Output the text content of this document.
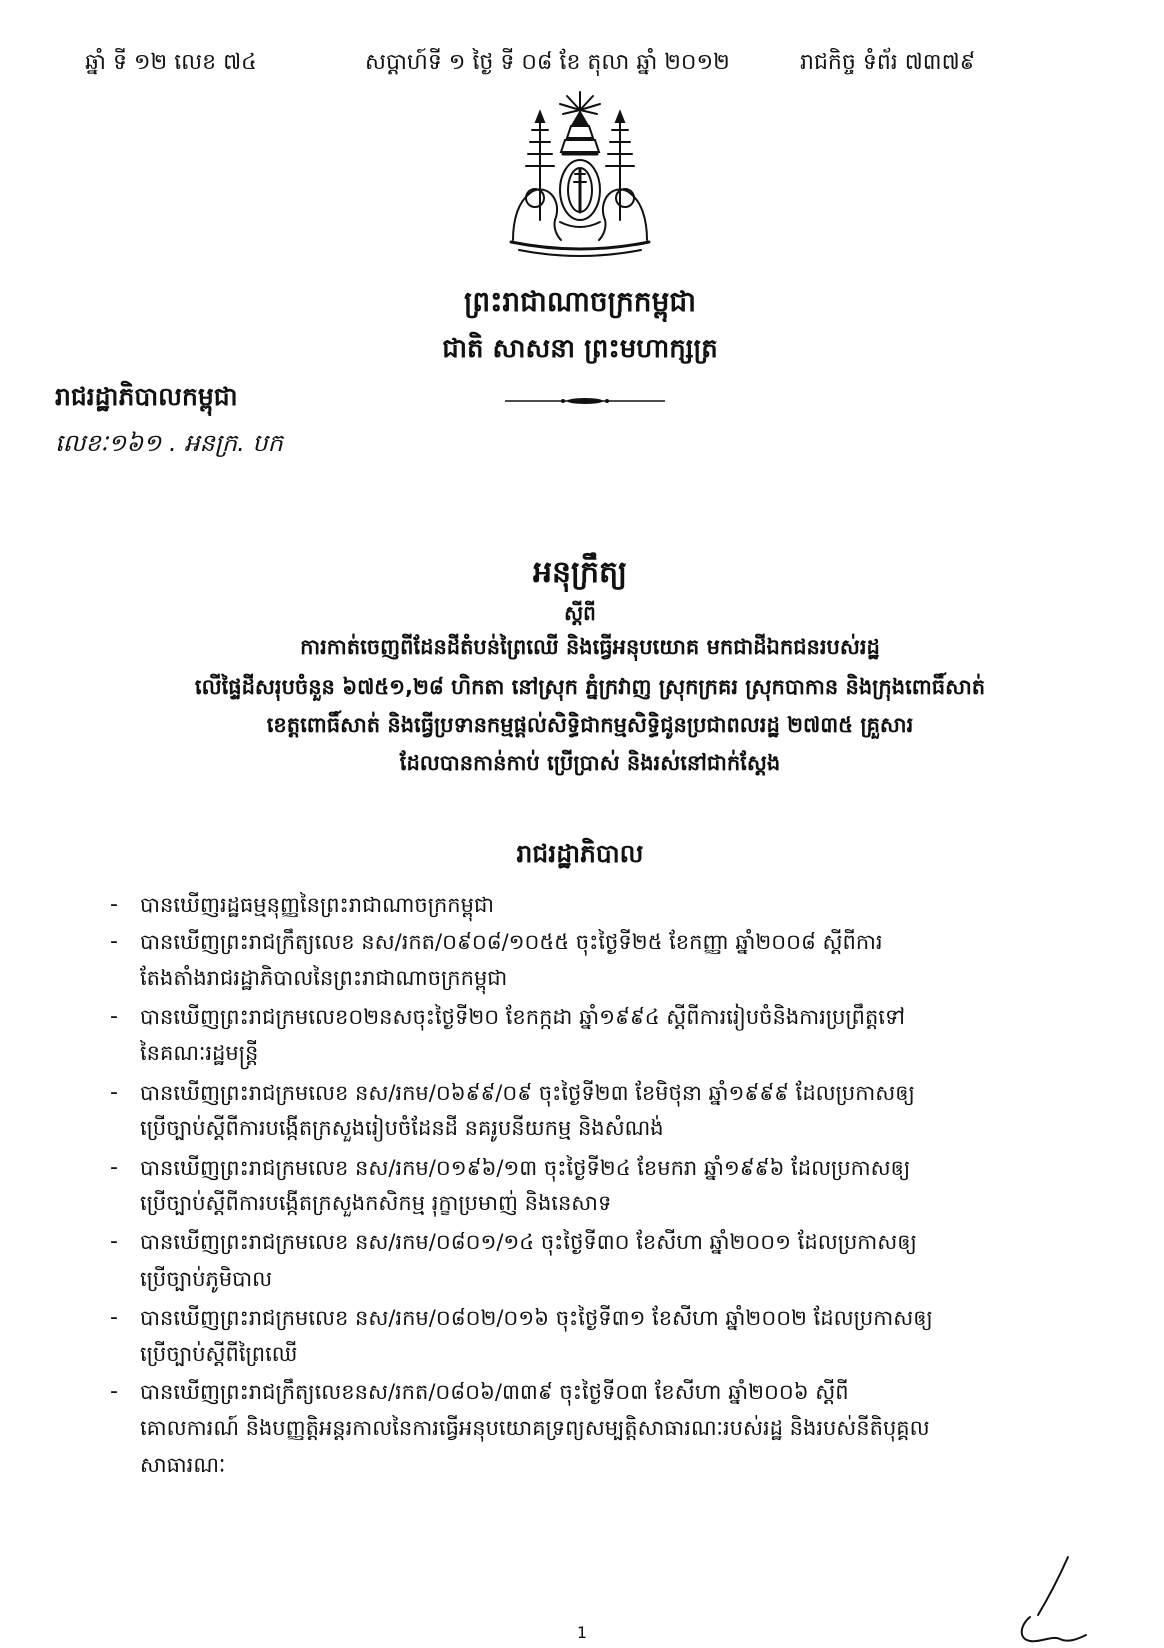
ឆ្នាំ ទី ១២ លេខ ៧៤	សប្តាហ៍ទី ១ ថ្ងៃ ទី ០៨ ខែ តុលា ឆ្នាំ ២០១២	រាជកិច្ច ទំព័រ ៧៣៧៩
ព្រះរាជាណាចក្រកម្ពុជា
ជាតិ សាសនា ព្រះមហាក្សត្រ
រាជរដ្ឋាភិបាលកម្ពុជា
លេខៈ១៦១ . អនក្រ. បក
អនុក្រឹត្យ
ស្តីពី
ការកាត់ចេញពីដែនដីតំបន់ព្រៃឈើ និងធ្វើអនុបយោគ មកជាដីឯកជនរបស់រដ្ឋ
លើផ្ទៃដីសរុបចំនួន ៦៧៥១,២៨ ហិកតា នៅស្រុក ភ្នំក្រវាញ ស្រុកក្រគរ ស្រុកបាកាន និងក្រុងពោធិ៍សាត់
ខេត្តពោធិ៍សាត់ និងធ្វើប្រទានកម្មផ្តល់សិទ្ធិជាកម្មសិទ្ធិជូនប្រជាពលរដ្ឋ ២៧៣៥ គ្រួសារ
ដែលបានកាន់កាប់ ប្រើប្រាស់ និងរស់នៅជាក់ស្តែង
រាជរដ្ឋាភិបាល
-	បានឃើញរដ្ឋធម្មនុញ្ញនៃព្រះរាជាណាចក្រកម្ពុជា
-	បានឃើញព្រះរាជក្រឹត្យលេខ នស/រកត/០៩០៨/១០៥៥ ចុះថ្ងៃទី២៥ ខែកញ្ញា ឆ្នាំ២០០៨ ស្តីពីការ
តែងតាំងរាជរដ្ឋាភិបាលនៃព្រះរាជាណាចក្រកម្ពុជា
-	បានឃើញព្រះរាជក្រមលេខ០២នសចុះថ្ងៃទី២០ ខែកក្កដា ឆ្នាំ១៩៩៤ ស្តីពីការរៀបចំនិងការប្រព្រឹត្តទៅ
នៃគណៈរដ្ឋមន្ត្រី
-	បានឃើញព្រះរាជក្រមលេខ នស/រកម/០៦៩៩/០៩ ចុះថ្ងៃទី២៣ ខែមិថុនា ឆ្នាំ១៩៩៩ ដែលប្រកាសឲ្យ
ប្រើច្បាប់ស្តីពីការបង្កើតក្រសួងរៀបចំដែនដី នគរូបនីយកម្ម និងសំណង់
-	បានឃើញព្រះរាជក្រមលេខ នស/រកម/០១៩៦/១៣ ចុះថ្ងៃទី២៤ ខែមករា ឆ្នាំ១៩៩៦ ដែលប្រកាសឲ្យ
ប្រើច្បាប់ស្តីពីការបង្កើតក្រសួងកសិកម្ម រុក្ខាប្រមាញ់ និងនេសាទ
-	បានឃើញព្រះរាជក្រមលេខ នស/រកម/០៨០១/១៤ ចុះថ្ងៃទី៣០ ខែសីហា ឆ្នាំ២០០១ ដែលប្រកាសឲ្យ
ប្រើច្បាប់ភូមិបាល
-	បានឃើញព្រះរាជក្រមលេខ នស/រកម/០៨០២/០១៦ ចុះថ្ងៃទី៣១ ខែសីហា ឆ្នាំ២០០២ ដែលប្រកាសឲ្យ
ប្រើច្បាប់ស្តីពីព្រៃឈើ
-	បានឃើញព្រះរាជក្រឹត្យលេខនស/រកត/០៨០៦/៣៣៩ ចុះថ្ងៃទី០៣ ខែសីហា ឆ្នាំ២០០៦ ស្តីពី
គោលការណ៍ និងបញ្ញត្តិអន្តរកាលនៃការធ្វើអនុបយោគទ្រព្យសម្បត្តិសាធារណៈរបស់រដ្ឋ និងរបស់នីតិបុគ្គល
សាធារណៈ
1
